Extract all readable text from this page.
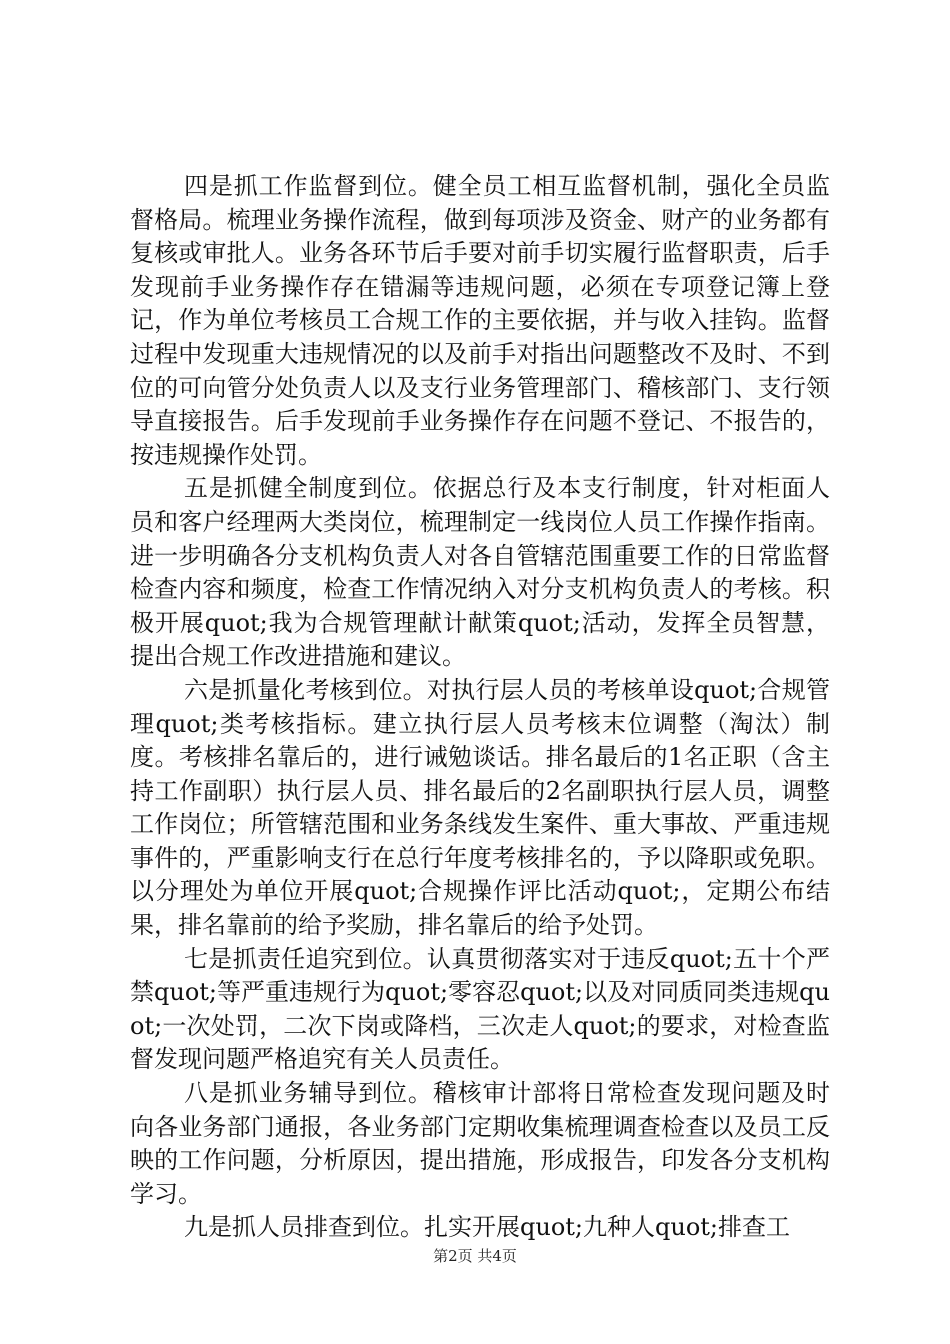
四是抓工作监督到位。健全员工相互监督机制，强化全员监督格局。梳理业务操作流程，做到每项涉及资金、财产的业务都有复核或审批人。业务各环节后手要对前手切实履行监督职责，后手发现前手业务操作存在错漏等违规问题，必须在专项登记簿上登记，作为单位考核员工合规工作的主要依据，并与收入挂钩。监督过程中发现重大违规情况的以及前手对指出问题整改不及时、不到位的可向管分处负责人以及支行业务管理部门、稽核部门、支行领导直接报告。后手发现前手业务操作存在问题不登记、不报告的，按违规操作处罚。

五是抓健全制度到位。依据总行及本支行制度，针对柜面人员和客户经理两大类岗位，梳理制定一线岗位人员工作操作指南。进一步明确各分支机构负责人对各自管辖范围重要工作的日常监督检查内容和频度，检查工作情况纳入对分支机构负责人的考核。积极开展quot;我为合规管理献计献策quot;活动，发挥全员智慧，提出合规工作改进措施和建议。

六是抓量化考核到位。对执行层人员的考核单设quot;合规管理quot;类考核指标。建立执行层人员考核末位调整（淘汰）制度。考核排名靠后的，进行诫勉谈话。排名最后的1名正职（含主持工作副职）执行层人员、排名最后的2名副职执行层人员，调整工作岗位；所管辖范围和业务条线发生案件、重大事故、严重违规事件的，严重影响支行在总行年度考核排名的，予以降职或免职。以分理处为单位开展quot;合规操作评比活动quot;，定期公布结果，排名靠前的给予奖励，排名靠后的给予处罚。

七是抓责任追究到位。认真贯彻落实对于违反quot;五十个严禁quot;等严重违规行为quot;零容忍quot;以及对同质同类违规quot;一次处罚，二次下岗或降档，三次走人quot;的要求，对检查监督发现问题严格追究有关人员责任。

八是抓业务辅导到位。稽核审计部将日常检查发现问题及时向各业务部门通报，各业务部门定期收集梳理调查检查以及员工反映的工作问题，分析原因，提出措施，形成报告，印发各分支机构学习。

九是抓人员排查到位。扎实开展quot;九种人quot;排查工

第2页 共4页
